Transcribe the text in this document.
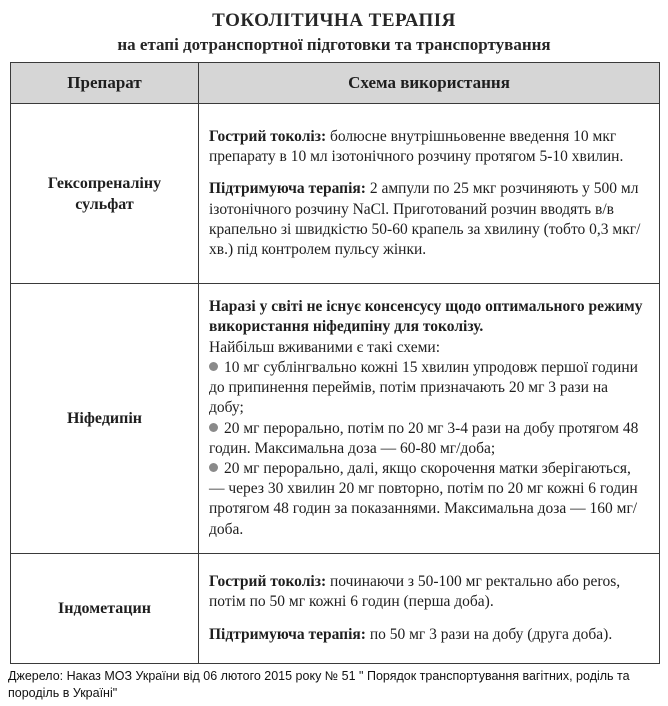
ТОКОЛІТИЧНА ТЕРАПІЯ
на етапі дотранспортної підготовки та транспортування
Препарат	Схема використання
Гексопреналіну сульфат	Гострий токоліз: болюсне внутрішньовенне введення 10 мкг препарату в 10 мл ізотонічного розчину протягом 5-10 хвилин.
Підтримуюча терапія: 2 ампули по 25 мкг розчиняють у 500 мл ізотонічного розчину NaCl. Приготований розчин вводять в/в крапельно зі швидкістю 50-60 крапель за хвилину (тобто 0,3 мкг/хв.) під контролем пульсу жінки.

Ніфедипін	Наразі у світі не існує консенсусу щодо оптимального режиму використання ніфедипіну для токолізу.
Найбільш вживаними є такі схеми:
10 мг сублінгвально кожні 15 хвилин упродовж першої години до припинення переймів, потім призначають 20 мг 3 рази на добу;
20 мг перорально, потім по 20 мг 3-4 рази на добу протягом 48 годин. Максимальна доза — 60-80 мг/доба;
20 мг перорально, далі, якщо скорочення матки зберігаються, — через 30 хвилин 20 мг повторно, потім по 20 мг кожні 6 годин протягом 48 годин за показаннями. Максимальна доза — 160 мг/доба.

Індометацин	Гострий токоліз: починаючи з 50-100 мг ректально або peros, потім по 50 мг кожні 6 годин (перша доба).
Підтримуюча терапія: по 50 мг 3 рази на добу (друга доба).
Джерело: Наказ МОЗ України від 06 лютого 2015 року № 51 " Порядок транспортування вагітних, роділь та породіль в Україні"
